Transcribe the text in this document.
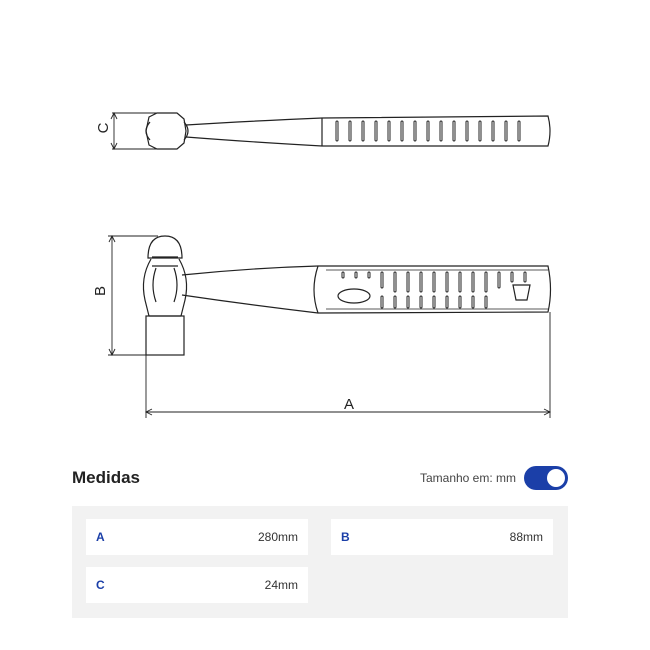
C
B
A
Medidas	Tamanho em: mm
A	280mm	B	88mm
C	24mm
